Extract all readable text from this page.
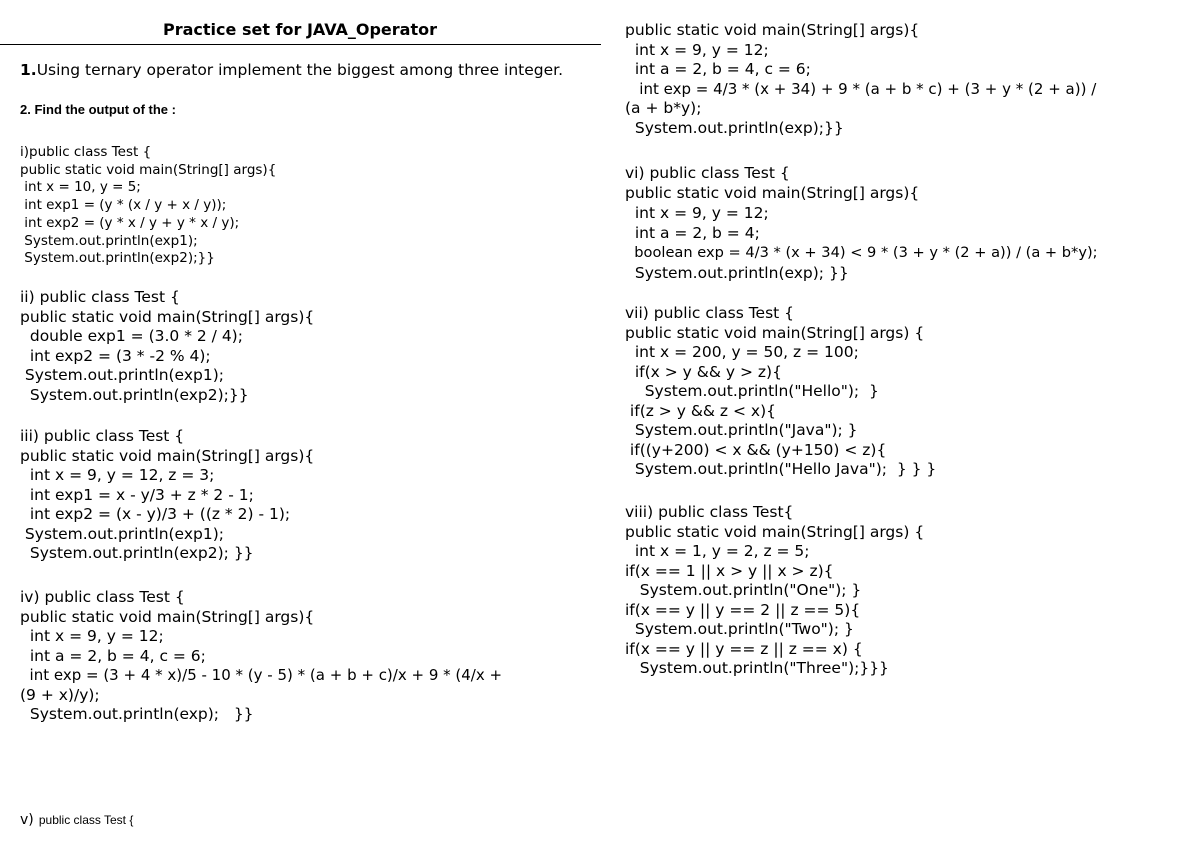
Practice set for JAVA_Operator
1.Using ternary operator implement the biggest among three integer.
2. Find the output of the :
i)public class Test {
public static void main(String[] args){
int x = 10, y = 5;
int exp1 = (y * (x / y + x / y));
int exp2 = (y * x / y + y * x / y);
System.out.println(exp1);
System.out.println(exp2);}}
ii) public class Test {
public static void main(String[] args){
double exp1 = (3.0 * 2 / 4);
int exp2 = (3 * -2 % 4);
System.out.println(exp1);
System.out.println(exp2);}}
iii) public class Test {
public static void main(String[] args){
int x = 9, y = 12, z = 3;
int exp1 = x - y/3 + z * 2 - 1;
int exp2 = (x - y)/3 + ((z * 2) - 1);
System.out.println(exp1);
System.out.println(exp2); }}
iv) public class Test {
public static void main(String[] args){
int x = 9, y = 12;
int a = 2, b = 4, c = 6;
int exp = (3 + 4 * x)/5 - 10 * (y - 5) * (a + b + c)/x + 9 * (4/x +
(9 + x)/y);
System.out.println(exp);   }}
v) public class Test {
public static void main(String[] args){
int x = 9, y = 12;
int a = 2, b = 4, c = 6;
int exp = 4/3 * (x + 34) + 9 * (a + b * c) + (3 + y * (2 + a)) /
(a + b*y);
System.out.println(exp);}}
vi) public class Test {
public static void main(String[] args){
int x = 9, y = 12;
int a = 2, b = 4;
boolean exp = 4/3 * (x + 34) < 9 * (3 + y * (2 + a)) / (a + b*y);
System.out.println(exp); }}
vii) public class Test {
public static void main(String[] args) {
int x = 200, y = 50, z = 100;
if(x > y && y > z){
System.out.println("Hello");  }
if(z > y && z < x){
System.out.println("Java"); }
if((y+200) < x && (y+150) < z){
System.out.println("Hello Java");  } } }
viii) public class Test{
public static void main(String[] args) {
int x = 1, y = 2, z = 5;
if(x == 1 || x > y || x > z){
System.out.println("One"); }
if(x == y || y == 2 || z == 5){
System.out.println("Two"); }
if(x == y || y == z || z == x) {
System.out.println("Three");}}}
